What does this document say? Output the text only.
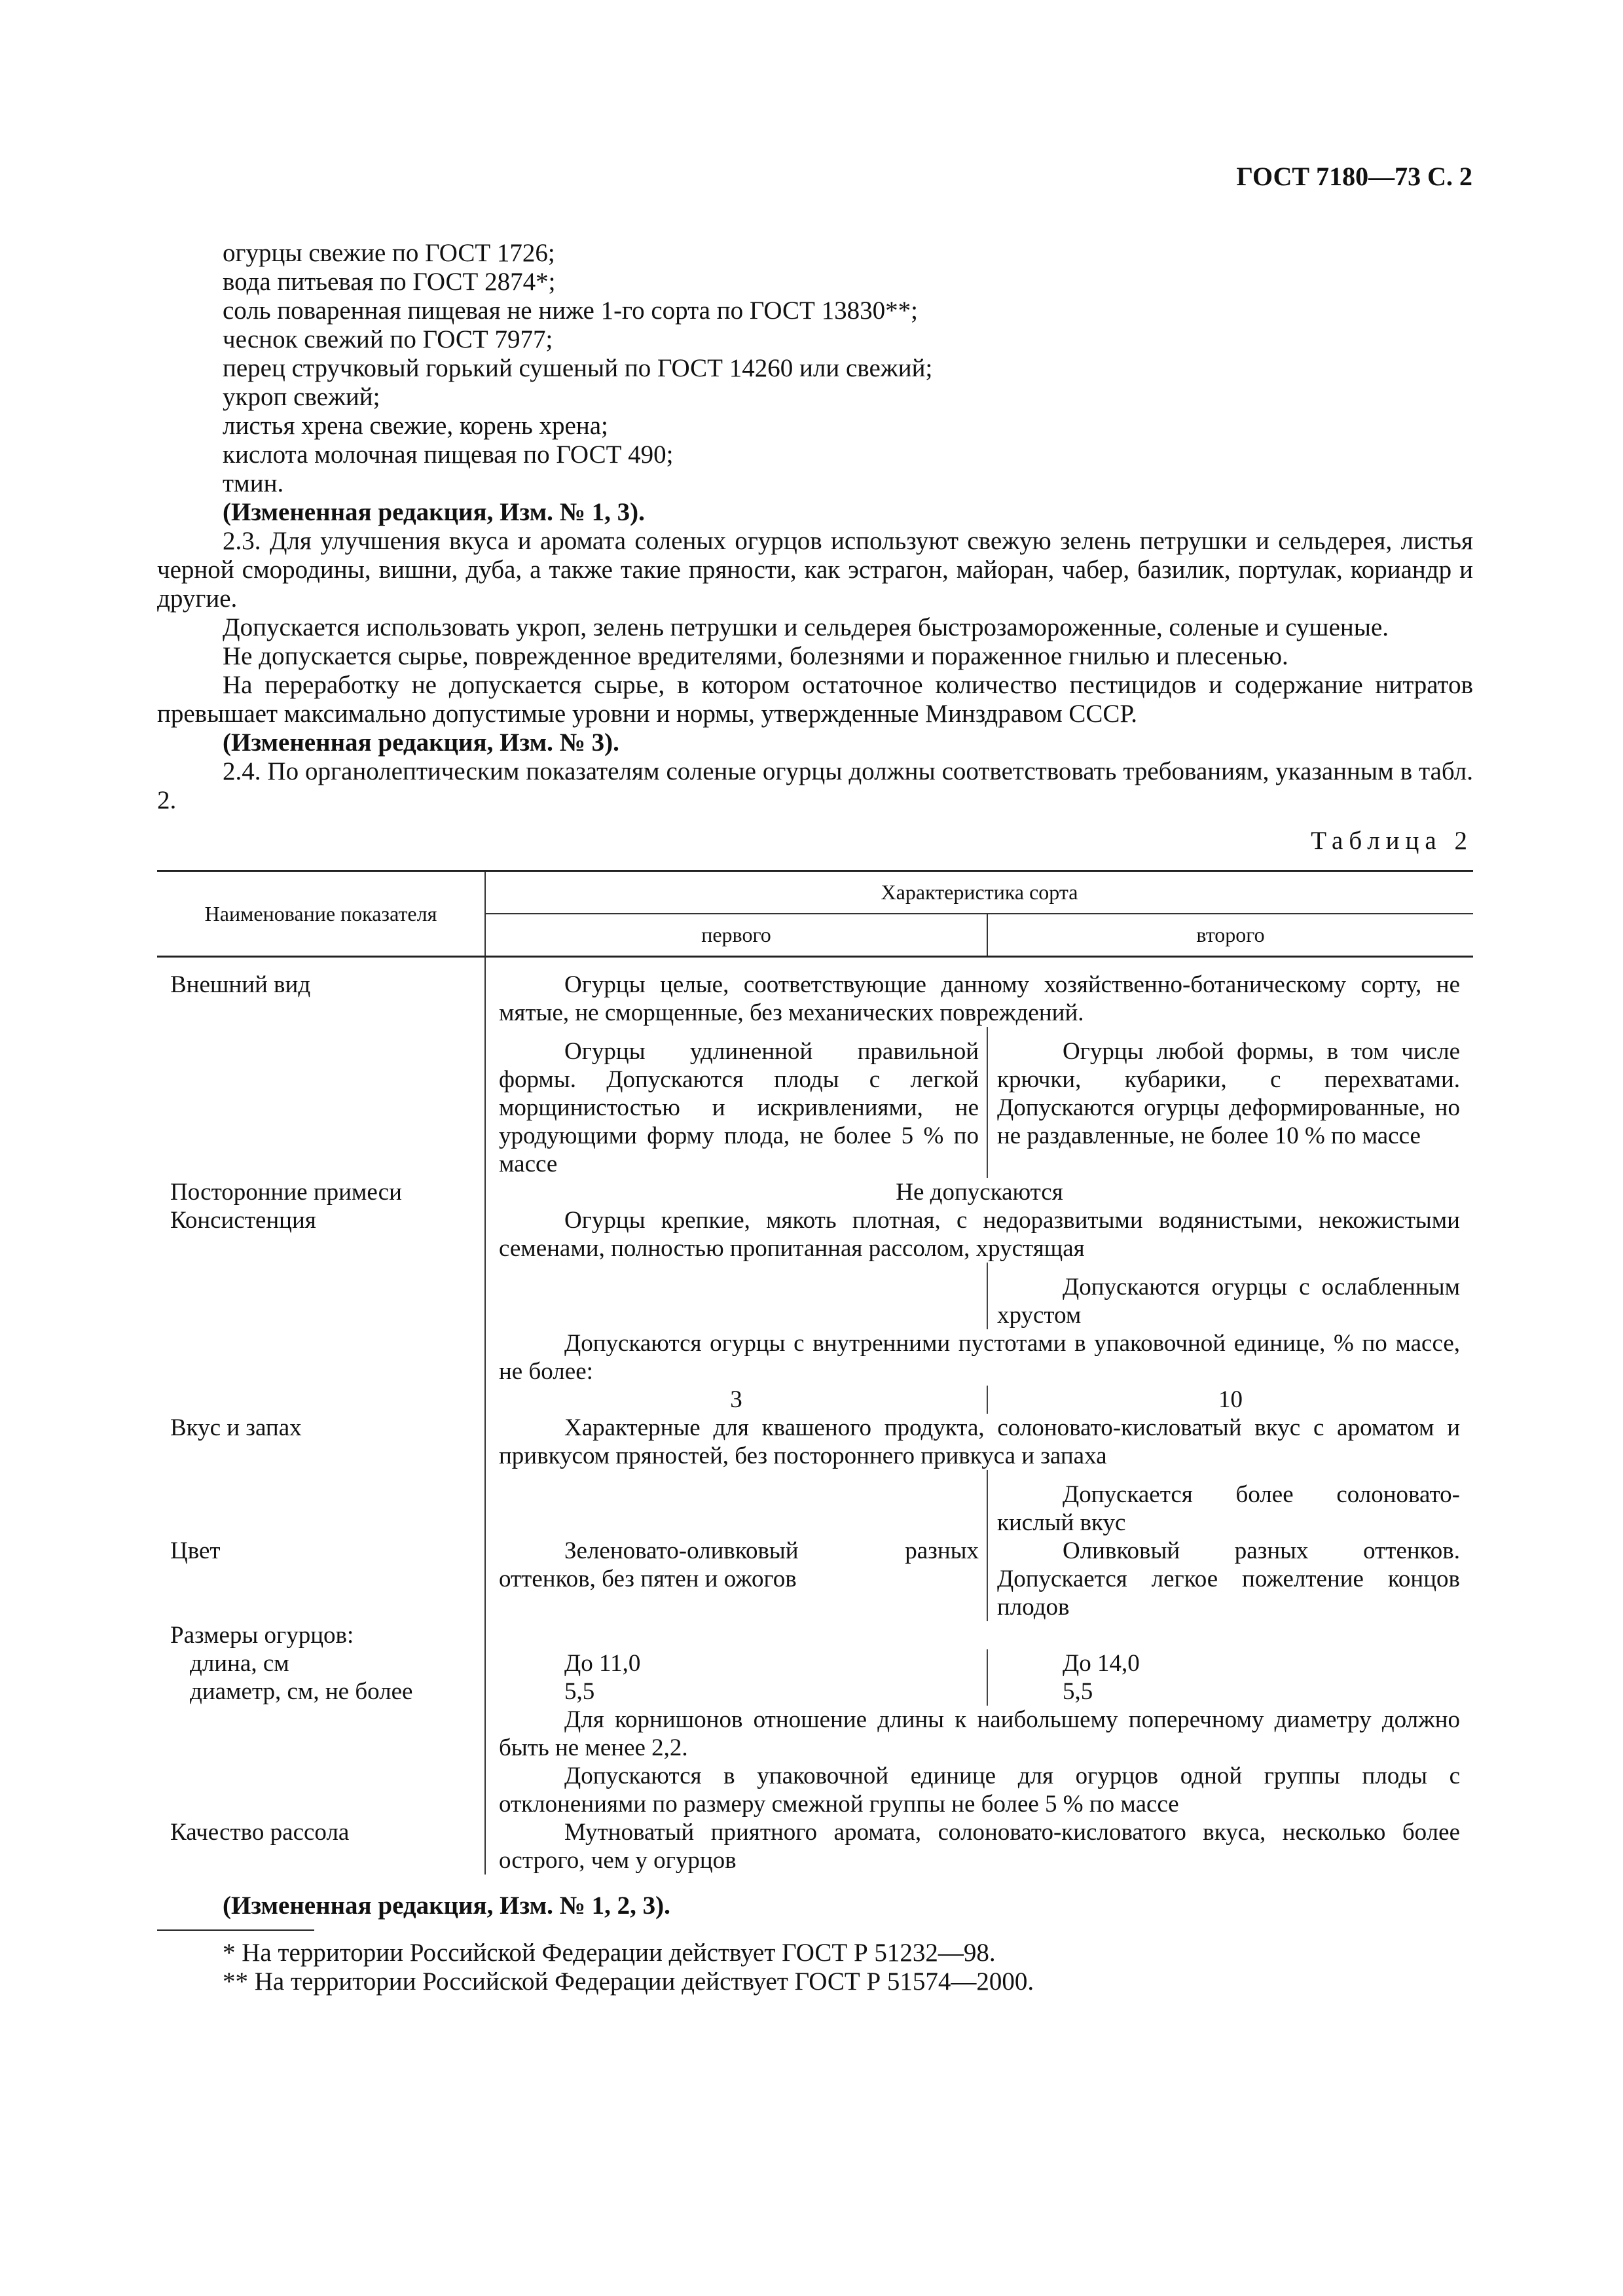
ГОСТ 7180—73 С. 2
огурцы свежие по ГОСТ 1726;
вода питьевая по ГОСТ 2874*;
соль поваренная пищевая не ниже 1-го сорта по ГОСТ 13830**;
чеснок свежий по ГОСТ 7977;
перец стручковый горький сушеный по ГОСТ 14260 или свежий;
укроп свежий;
листья хрена свежие, корень хрена;
кислота молочная пищевая по ГОСТ 490;
тмин.

(Измененная редакция, Изм. № 1, 3).

2.3. Для улучшения вкуса и аромата соленых огурцов используют свежую зелень петрушки и сельдерея, листья черной смородины, вишни, дуба, а также такие пряности, как эстрагон, майоран, чабер, базилик, портулак, кориандр и другие.

Допускается использовать укроп, зелень петрушки и сельдерея быстрозамороженные, соленые и сушеные.

Не допускается сырье, поврежденное вредителями, болезнями и пораженное гнилью и плесенью.

На переработку не допускается сырье, в котором остаточное количество пестицидов и содержание нитратов превышает максимально допустимые уровни и нормы, утвержденные Минздравом СССР.

(Измененная редакция, Изм. № 3).

2.4. По органолептическим показателям соленые огурцы должны соответствовать требованиям, указанным в табл. 2.

Таблица 2
Наименование показателя	Характеристика сорта	
	первого	второго

Внешний вид	Огурцы целые, соответствующие данному хозяйственно-ботаническому сорту, не мятые, не сморщенные, без механических повреждений.	
	Огурцы удлиненной правильной формы. Допускаются плоды с легкой морщинистостью и искривлениями, не уродующими форму плода, не более 5 % по массе	Огурцы любой формы, в том числе крючки, кубарики, с перехватами. Допускаются огурцы деформированные, но не раздавленные, не более 10 % по массе
Посторонние примеси	Не допускаются	
Консистенция	Огурцы крепкие, мякоть плотная, с недоразвитыми водянистыми, некожистыми семенами, полностью пропитанная рассолом, хрустящая	
		Допускаются огурцы с ослабленным хрустом
	Допускаются огурцы с внутренними пустотами в упаковочной единице, % по массе, не более:	
	3	10
Вкус и запах	Характерные для квашеного продукта, солоновато-кисловатый вкус с ароматом и привкусом пряностей, без постороннего привкуса и запаха	
		Допускается более солоновато-кислый вкус
Цвет	Зеленовато-оливковый разных оттенков, без пятен и ожогов	Оливковый разных оттенков. Допускается легкое пожелтение концов плодов
Размеры огурцов:		
длина, см	До 11,0	До 14,0
диаметр, см, не более	5,5	5,5
	Для корнишонов отношение длины к наибольшему поперечному диаметру должно быть не менее 2,2.	
	Допускаются в упаковочной единице для огурцов одной группы плоды с отклонениями по размеру смежной группы не более 5 % по массе	
Качество рассола	Мутноватый приятного аромата, солоновато-кисловатого вкуса, несколько более острого, чем у огурцов	

(Измененная редакция, Изм. № 1, 2, 3).

* На территории Российской Федерации действует ГОСТ Р 51232—98.

** На территории Российской Федерации действует ГОСТ Р 51574—2000.
